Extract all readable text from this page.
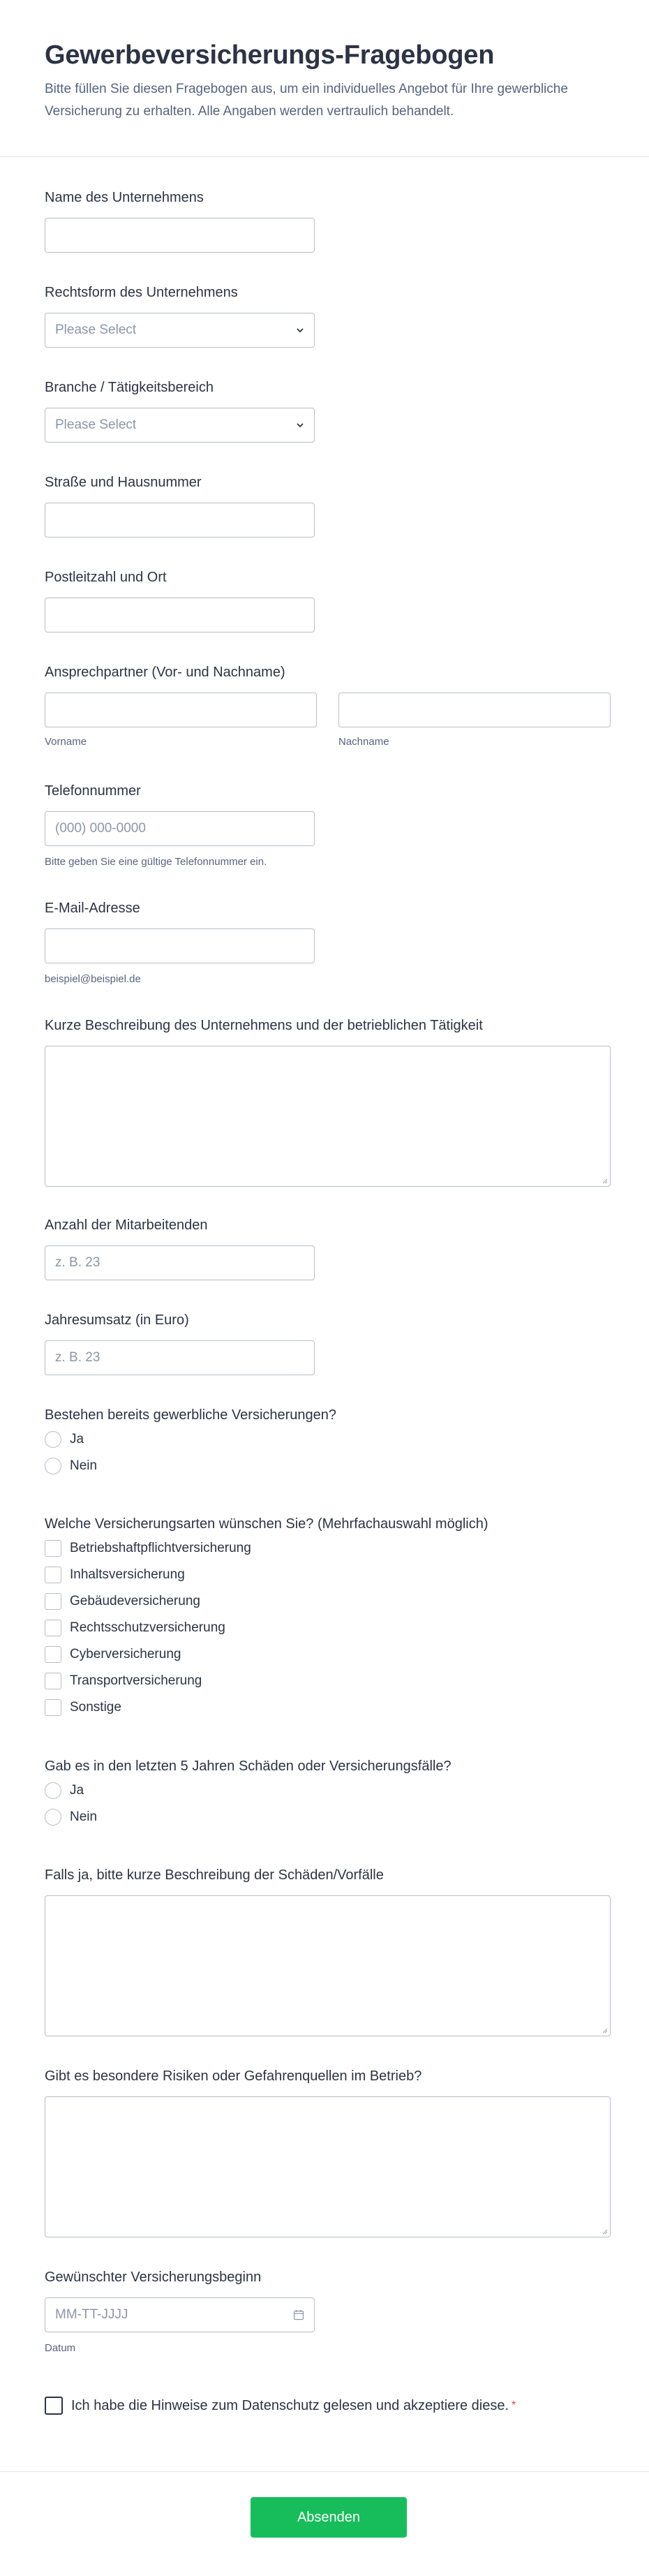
Gewerbeversicherungs-Fragebogen

Bitte füllen Sie diesen Fragebogen aus, um ein individuelles Angebot für Ihre gewerbliche Versicherung zu erhalten. Alle Angaben werden vertraulich behandelt.

Name des Unternehmens
Rechtsform des Unternehmens
Please Select
Branche / Tätigkeitsbereich
Please Select
Straße und Hausnummer
Postleitzahl und Ort
Ansprechpartner (Vor- und Nachname)
Vorname	Nachname
Telefonnummer
(000) 000-0000
Bitte geben Sie eine gültige Telefonnummer ein.
E-Mail-Adresse
beispiel@beispiel.de
Kurze Beschreibung des Unternehmens und der betrieblichen Tätigkeit
Anzahl der Mitarbeitenden
z. B. 23
Jahresumsatz (in Euro)
z. B. 23
Bestehen bereits gewerbliche Versicherungen?
Ja
Nein
Welche Versicherungsarten wünschen Sie? (Mehrfachauswahl möglich)
Betriebshaftpflichtversicherung
Inhaltsversicherung
Gebäudeversicherung
Rechtsschutzversicherung
Cyberversicherung
Transportversicherung
Sonstige
Gab es in den letzten 5 Jahren Schäden oder Versicherungsfälle?
Ja
Nein
Falls ja, bitte kurze Beschreibung der Schäden/Vorfälle
Gibt es besondere Risiken oder Gefahrenquellen im Betrieb?
Gewünschter Versicherungsbeginn
MM-TT-JJJJ
Datum
Ich habe die Hinweise zum Datenschutz gelesen und akzeptiere diese. *
Absenden
